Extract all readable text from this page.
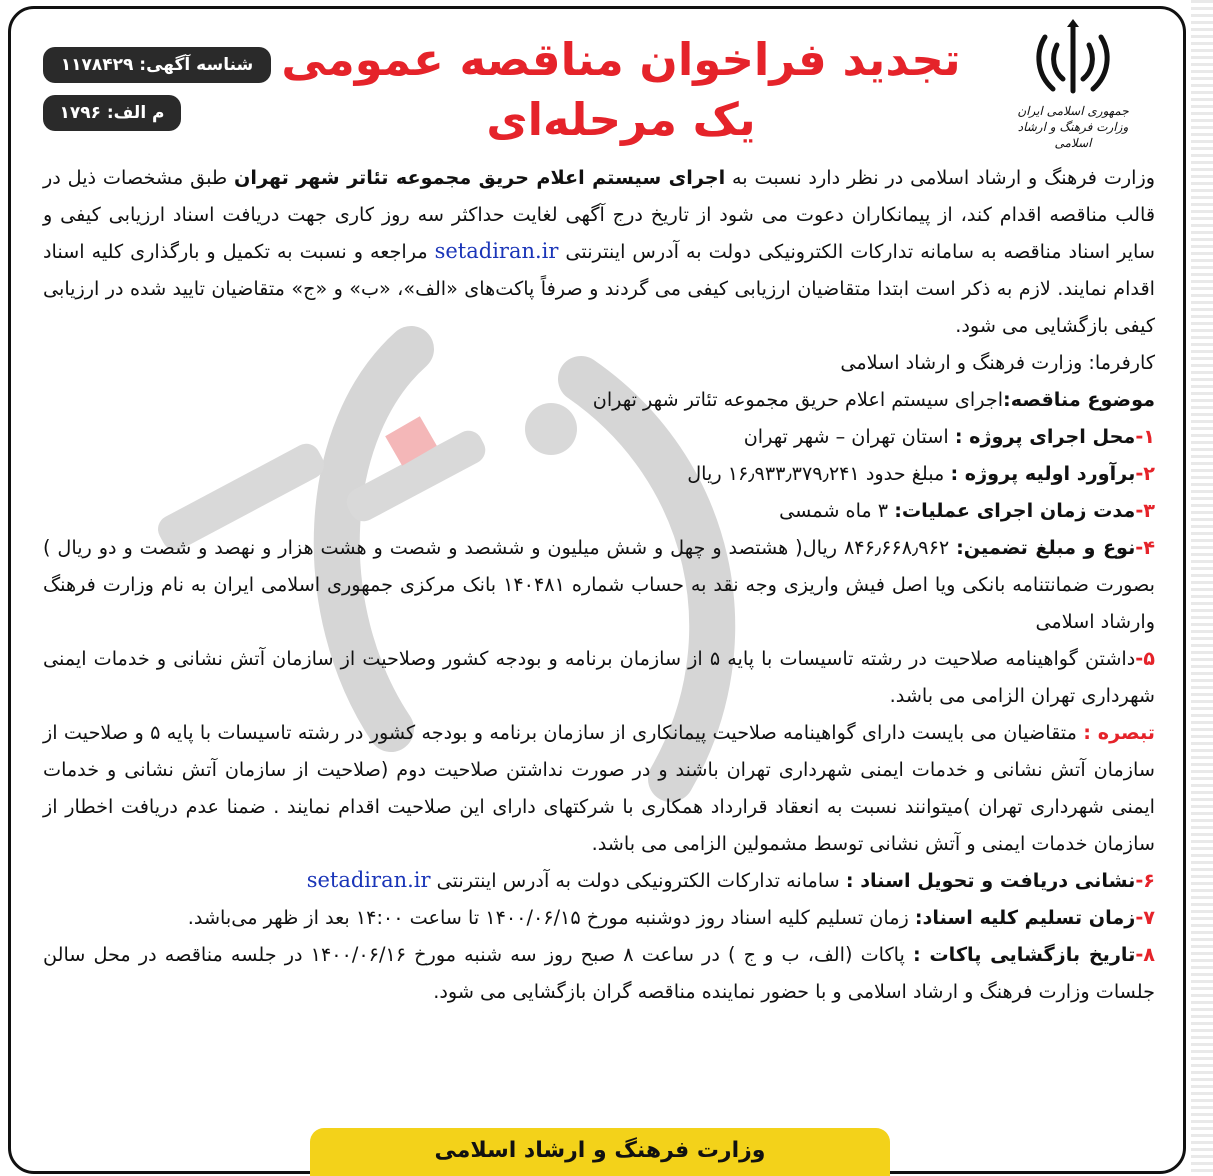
جمهوری اسلامی ایران
وزارت فرهنگ و ارشاد اسلامی
شناسه آگهی: ۱۱۷۸۴۲۹
م الف: ۱۷۹۶
تجدید فراخوان مناقصه عمومی
یک مرحله‌ای

وزارت فرهنگ و ارشاد اسلامی در نظر دارد نسبت به اجرای سیستم اعلام حریق مجموعه تئاتر شهر تهران طبق مشخصات ذیل در قالب مناقصه اقدام کند، از پیمانکاران دعوت می شود از تاریخ درج آگهی لغایت حداکثر سه روز کاری جهت دریافت اسناد ارزیابی کیفی و سایر اسناد مناقصه به سامانه تدارکات الکترونیکی دولت به آدرس اینترنتی setadiran.ir مراجعه و نسبت به تکمیل و بارگذاری کلیه اسناد اقدام نمایند. لازم به ذکر است ابتدا متقاضیان ارزیابی کیفی می گردند و صرفاً پاکت‌های «الف»، «ب» و «ج» متقاضیان تایید شده در ارزیابی کیفی بازگشایی می شود.

کارفرما: وزارت فرهنگ و ارشاد اسلامی

موضوع مناقصه:اجرای سیستم اعلام حریق مجموعه تئاتر شهر تهران

۱-محل اجرای پروژه : استان تهران – شهر تهران

۲-برآورد اولیه پروژه : مبلغ حدود ۱۶٫۹۳۳٫۳۷۹٫۲۴۱ ریال

۳-مدت زمان اجرای عملیات: ۳ ماه شمسی

۴-نوع و مبلغ تضمین: ۸۴۶٫۶۶۸٫۹۶۲ ریال( هشتصد و چهل و شش میلیون و ششصد و شصت و هشت هزار و نهصد و شصت و دو ریال ) بصورت ضمانتنامه بانکی ویا اصل فیش واریزی وجه نقد به حساب شماره ۱۴۰۴۸۱ بانک مرکزی جمهوری اسلامی ایران به نام وزارت فرهنگ وارشاد اسلامی

۵-داشتن گواهینامه صلاحیت در رشته تاسیسات با پایه ۵ از سازمان برنامه و بودجه کشور وصلاحیت از سازمان آتش نشانی و خدمات ایمنی شهرداری تهران الزامی می باشد.

تبصره : متقاضیان می بایست دارای گواهینامه صلاحیت پیمانکاری از سازمان برنامه و بودجه کشور در رشته تاسیسات با پایه ۵ و صلاحیت از سازمان آتش نشانی و خدمات ایمنی شهرداری تهران باشند و در صورت نداشتن صلاحیت دوم (صلاحیت از سازمان آتش نشانی و خدمات ایمنی شهرداری تهران )میتوانند نسبت به انعقاد قرارداد همکاری با شرکتهای دارای این صلاحیت اقدام نمایند . ضمنا عدم دریافت اخطار از سازمان خدمات ایمنی و آتش نشانی توسط مشمولین الزامی می باشد.

۶-نشانی دریافت و تحویل اسناد : سامانه تدارکات الکترونیکی دولت به آدرس اینترنتی setadiran.ir

۷-زمان تسلیم کلیه اسناد: زمان تسلیم کلیه اسناد روز دوشنبه مورخ ۱۴۰۰/۰۶/۱۵ تا ساعت ۱۴:۰۰ بعد از ظهر می‌باشد.

۸-تاریخ بازگشایی پاکات : پاکات (الف، ب و ج ) در ساعت ۸ صبح روز سه شنبه مورخ ۱۴۰۰/۰۶/۱۶ در جلسه مناقصه در محل سالن جلسات وزارت فرهنگ و ارشاد اسلامی و با حضور نماینده مناقصه گران بازگشایی می شود.

وزارت فرهنگ و ارشاد اسلامی
